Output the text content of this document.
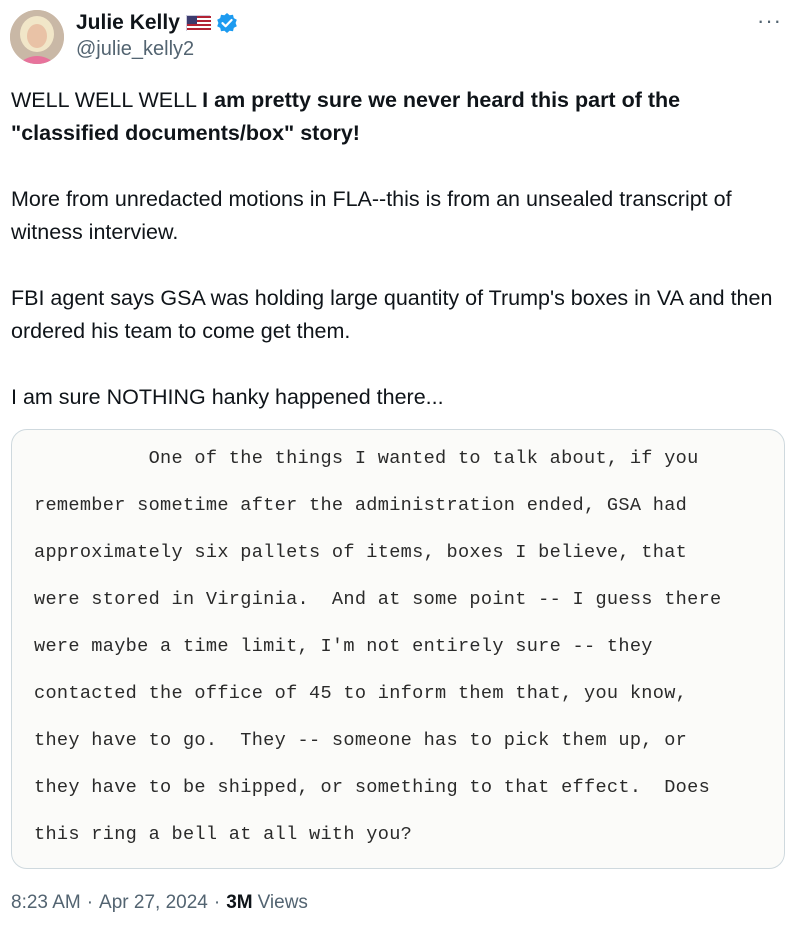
Julie Kelly
@julie_kelly2
···

WELL WELL WELL I am pretty sure we never heard this part of the "classified documents/box" story!

More from unredacted motions in FLA--this is from an unsealed transcript of witness interview.

FBI agent says GSA was holding large quantity of Trump's boxes in VA and then ordered his team to come get them.

I am sure NOTHING hanky happened there...

One of the things I wanted to talk about, if you
remember sometime after the administration ended, GSA had
approximately six pallets of items, boxes I believe, that
were stored in Virginia.  And at some point -- I guess there
were maybe a time limit, I'm not entirely sure -- they
contacted the office of 45 to inform them that, you know,
they have to go.  They -- someone has to pick them up, or
they have to be shipped, or something to that effect.  Does
this ring a bell at all with you?
8:23 AM · Apr 27, 2024 · 3M Views
